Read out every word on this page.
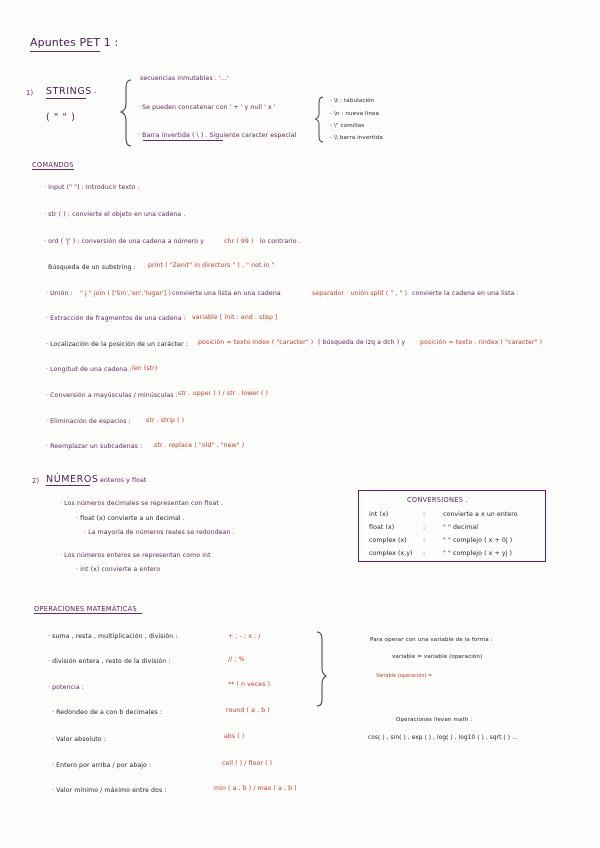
Apuntes PET 1 :
1) STRINGS -
( " " )
secuencias inmutables . '...'
· Se pueden concatenar con ' + ' y null ' x '
· Barra invertida ( \ ) . Siguiente caracter especial
- \t : tabulación
- \n : nueva línea
- \" comillas
- \\ barra invertida
COMANDOS
· input (" ") : Introducir texto .
· str ( ) : convierte el objeto en una cadena .
· ord ( 'j' ) : conversión de una cadena a número y	chr ( 99 ) lo contrario .
Búsqueda de un substring : print ( "Zenit" in directors " ) , " not in "
· Unión : " j " join ( ['Sin','en','lugar'] ) convierte una lista en una cadena	separador · unión split ( " , " ) convierte la cadena en una lista .
· Extracción de fragmentos de una cadena : variable [ init : end : step ]
· Localización de la posición de un carácter : posición = texto index ( "caracter" ) ( búsqueda de izq a dch ) y posición = texto . rindex ( "caracter" )
· Longitud de una cadena : len (str)
· Conversión a mayúsculas / minúsculas : str . upper ( ) / str . lower ( )
· Eliminación de espacios : str . strip ( )
· Reemplazar un subcadenas : str . replace ( "old" , "new" )
2) NÚMEROS enteros y float
· Los números decimales se representan con float .
· float (x) convierte a un decimal .
· La mayoría de números reales se redondean .
· Los números enteros se representan como int
· int (x) convierte a entero
CONVERSIONES .
int (x)	:	convierte a x un entero
float (x)	:	" " decimal
complex (x)	:	" " complejo ( x + 0j )
complex (x,y) :	" " complejo ( x + yj )
OPERACIONES MATEMÁTICAS
· suma , resta , multiplicación , división :	+ ; - ; x ; /
· división entera , resto de la división :	// ; %
· potencia :	** ( n veces )
· Redondeo de a con b decimales :	round ( a , b )
· Valor absoluto :	abs ( )
· Entero por arriba / por abajo :	ceil ( ) / floor ( )
· Valor mínimo / máximo entre dos :	min ( a , b ) / max ( a , b )
Para operar con una variable de la forma :
variable = variable (operación)
Variable (operación) =
Operaciones llevan math :
cos( ) , sin( ) , exp ( ) , log( ) , log10 ( ) , sqrt ( ) ...
